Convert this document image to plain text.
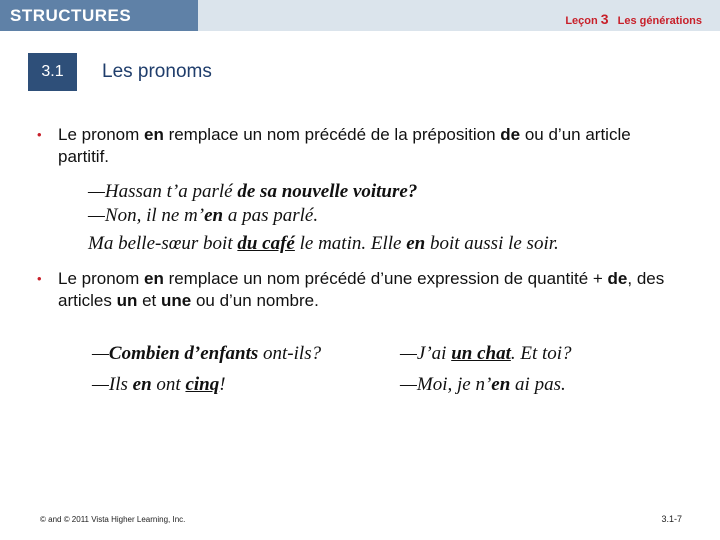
STRUCTURES	Leçon 3 Les générations
3.1	Les pronoms
• Le pronom en remplace un nom précédé de la préposition de ou d’un article partitif.
—Hassan t’a parlé de sa nouvelle voiture?
—Non, il ne m’en a pas parlé.
Ma belle-sœur boit du café le matin. Elle en boit aussi le soir.
• Le pronom en remplace un nom précédé d’une expression de quantité + de, des articles un et une ou d’un nombre.
—Combien d’enfants ont-ils?
—Ils en ont cinq!
—J’ai un chat. Et toi?
—Moi, je n’en ai pas.
© and © 2011 Vista Higher Learning, Inc.	3.1-7
